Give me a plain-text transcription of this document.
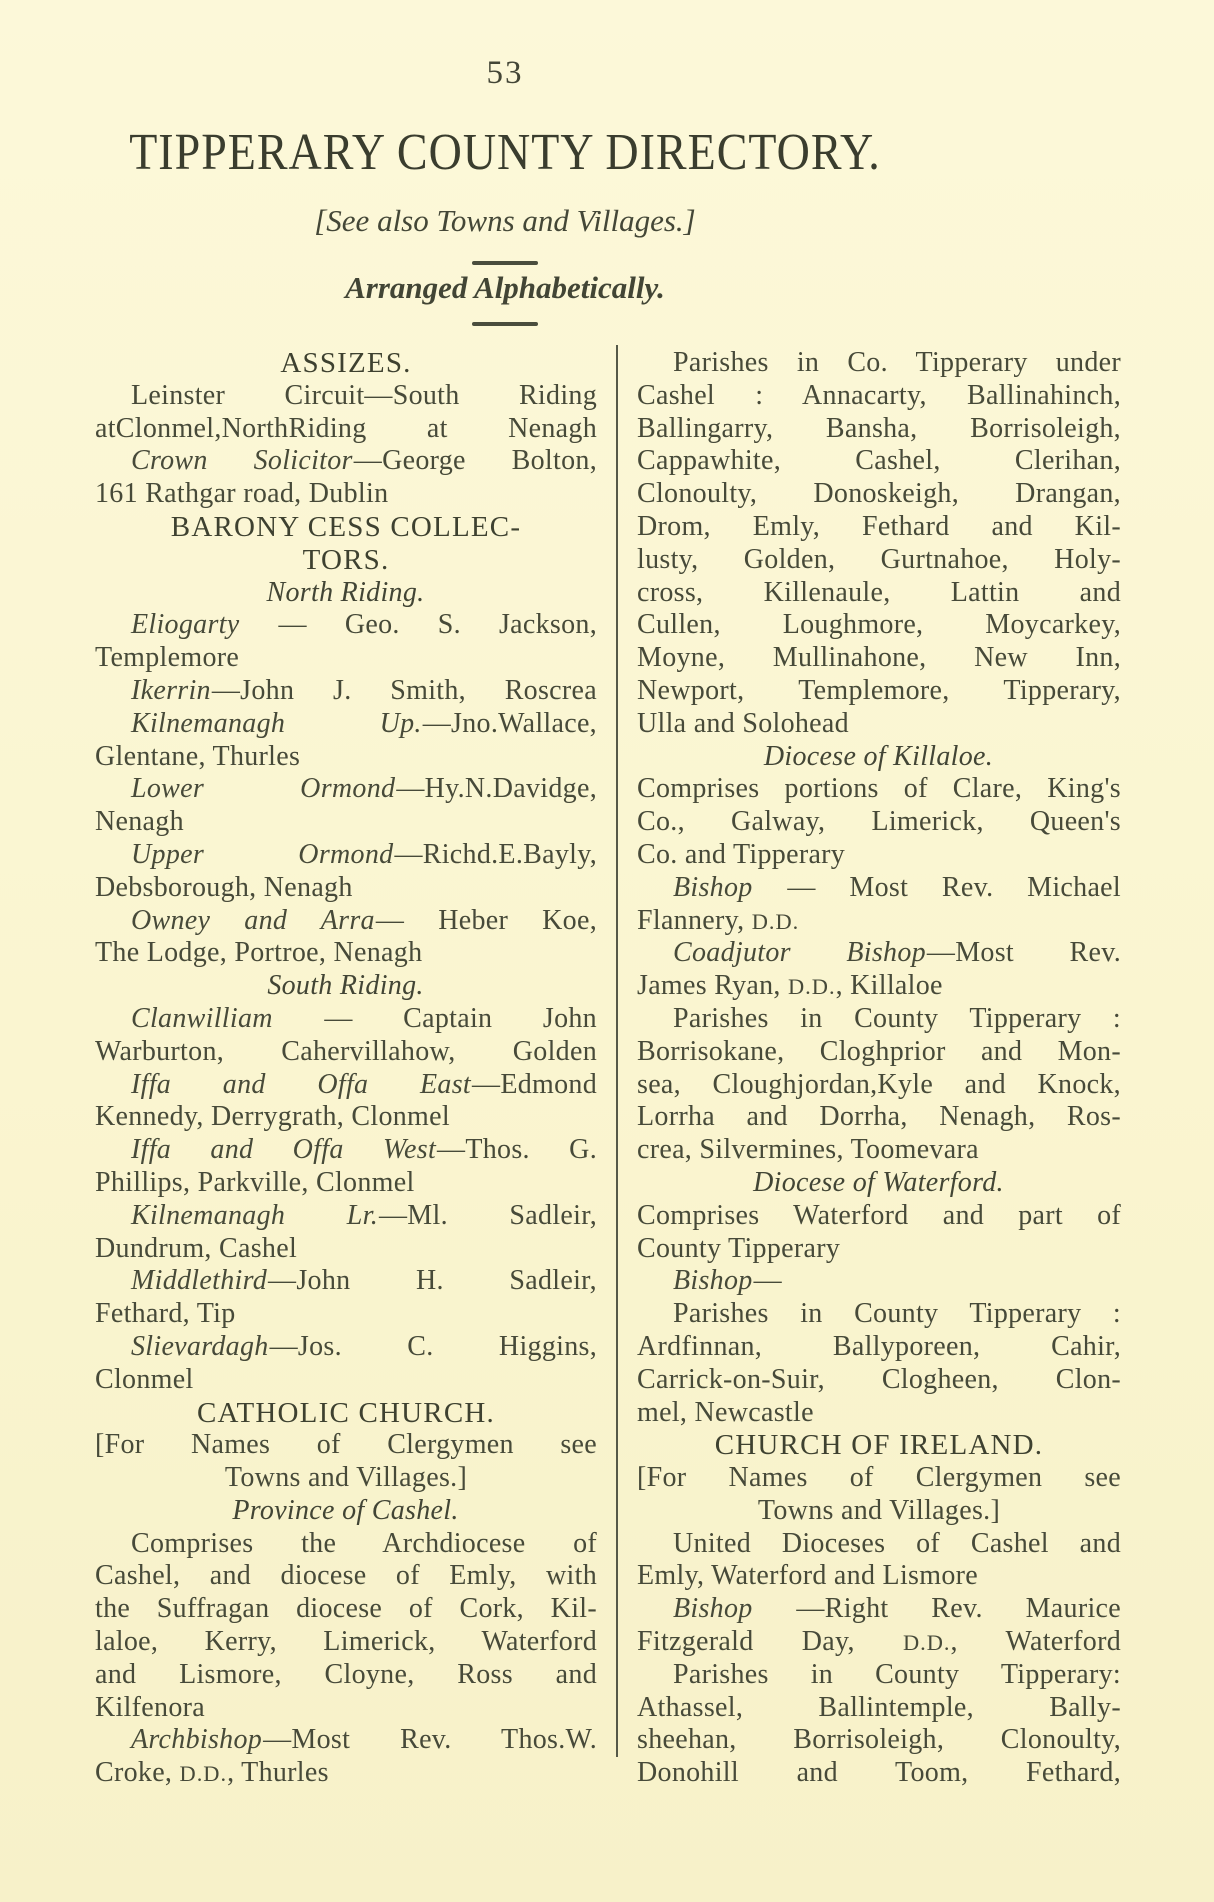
53
TIPPERARY COUNTY DIRECTORY.
[See also Towns and Villages.]
Arranged Alphabetically.
ASSIZES.
Leinster Circuit—South Riding
atClonmel,NorthRiding at Nenagh
Crown Solicitor—George Bolton,
161 Rathgar road, Dublin
BARONY CESS COLLEC-
TORS.
North Riding.
Eliogarty — Geo. S. Jackson,
Templemore
Ikerrin—John J. Smith, Roscrea
Kilnemanagh Up.—Jno.Wallace,
Glentane, Thurles
Lower Ormond—Hy.N.Davidge,
Nenagh
Upper Ormond—Richd.E.Bayly,
Debsborough, Nenagh
Owney and Arra— Heber Koe,
The Lodge, Portroe, Nenagh
South Riding.
Clanwilliam — Captain John
Warburton, Cahervillahow, Golden
Iffa and Offa East—Edmond
Kennedy, Derrygrath, Clonmel
Iffa and Offa West—Thos. G.
Phillips, Parkville, Clonmel
Kilnemanagh Lr.—Ml. Sadleir,
Dundrum, Cashel
Middlethird—John H. Sadleir,
Fethard, Tip
Slievardagh—Jos. C. Higgins,
Clonmel
CATHOLIC CHURCH.
[For Names of Clergymen see
Towns and Villages.]
Province of Cashel.
Comprises the Archdiocese of
Cashel, and diocese of Emly, with
the Suffragan diocese of Cork, Kil-
laloe, Kerry, Limerick, Waterford
and Lismore, Cloyne, Ross and
Kilfenora
Archbishop—Most Rev. Thos.W.
Croke, D.D., Thurles
Parishes in Co. Tipperary under
Cashel : Annacarty, Ballinahinch,
Ballingarry, Bansha, Borrisoleigh,
Cappawhite, Cashel, Clerihan,
Clonoulty, Donoskeigh, Drangan,
Drom, Emly, Fethard and Kil-
lusty, Golden, Gurtnahoe, Holy-
cross, Killenaule, Lattin and
Cullen, Loughmore, Moycarkey,
Moyne, Mullinahone, New Inn,
Newport, Templemore, Tipperary,
Ulla and Solohead
Diocese of Killaloe.
Comprises portions of Clare, King's
Co., Galway, Limerick, Queen's
Co. and Tipperary
Bishop — Most Rev. Michael
Flannery, D.D.
Coadjutor Bishop—Most Rev.
James Ryan, D.D., Killaloe
Parishes in County Tipperary :
Borrisokane, Cloghprior and Mon-
sea, Cloughjordan,Kyle and Knock,
Lorrha and Dorrha, Nenagh, Ros-
crea, Silvermines, Toomevara
Diocese of Waterford.
Comprises Waterford and part of
County Tipperary
Bishop—
Parishes in County Tipperary :
Ardfinnan, Ballyporeen, Cahir,
Carrick-on-Suir, Clogheen, Clon-
mel, Newcastle
CHURCH OF IRELAND.
[For Names of Clergymen see
Towns and Villages.]
United Dioceses of Cashel and
Emly, Waterford and Lismore
Bishop —Right Rev. Maurice
Fitzgerald Day, D.D., Waterford
Parishes in County Tipperary:
Athassel, Ballintemple, Bally-
sheehan, Borrisoleigh, Clonoulty,
Donohill and Toom, Fethard,
